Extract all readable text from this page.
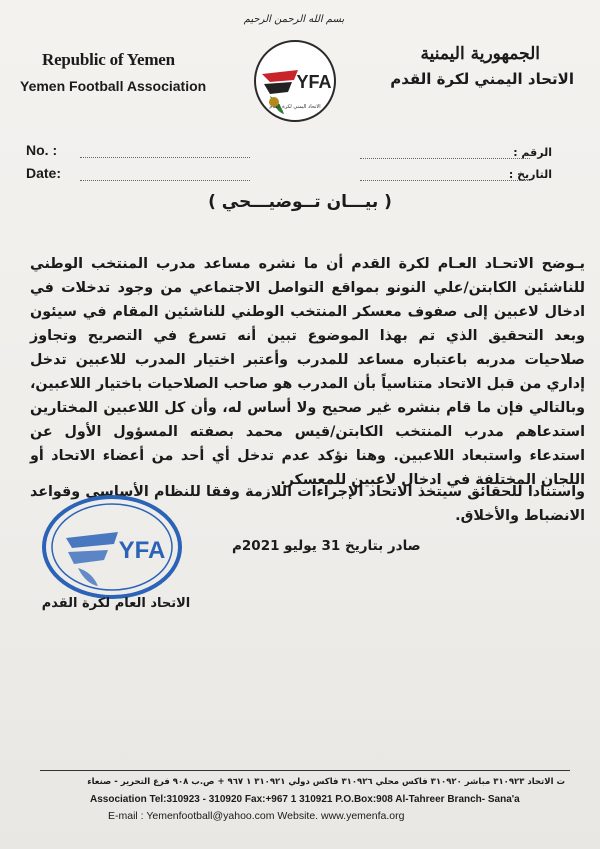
Republic of Yemen
Yemen Football Association
الجمهورية اليمنية
الاتحاد اليمني لكرة القدم
بسم الله الرحمن الرحيم
YFA
الاتحاد اليمني لكرة القدم
No. :
Date:
الرقم :
التاريخ :
( بيـــان تــوضيـــحي )

يـوضح الاتحـاد العـام لكرة القدم أن ما نشره مساعد مدرب المنتخب الوطني للناشئين الكابتن/علي النونو بمواقع التواصل الاجتماعي من وجود تدخلات في ادخال لاعبين إلى صفوف معسكر المنتخب الوطني للناشئين المقام في سيئون وبعد التحقيق الذي تم بهذا الموضوع تبين أنه تسرع في التصريح وتجاوز صلاحيات مدربه باعتباره مساعد للمدرب وأعتبر اختيار المدرب للاعبين تدخل إداري من قبل الاتحاد متناسياً بأن المدرب هو صاحب الصلاحيات باختيار اللاعبين، وبالتالي فإن ما قام بنشره غير صحيح ولا أساس له، وأن كل اللاعبين المختارين استدعاهم مدرب المنتخب الكابتن/قيس محمد بصفته المسؤول الأول عن استدعاء واستبعاد اللاعبين. وهنا نؤكد عدم تدخل أي أحد من أعضاء الاتحاد أو اللجان المختلفة في ادخال لاعبين للمعسكر.

واستنادا للحقائق سيتخذ الاتحاد الإجراءات اللازمة وفقا للنظام الأساسي وقواعد الانضباط والأخلاق.
صادر بتاريخ 31 يوليو 2021م
YFA
الاتحاد العام لكرة القدم
ت الاتحاد ٣١٠٩٢٣ مباشر ٣١٠٩٢٠ فاكس محلي ٣١٠٩٢٦ فاكس دولي ٣١٠٩٢١ ١ ٩٦٧ + ص.ب ٩٠٨ فرع التحرير - صنعاء
Association Tel:310923 - 310920 Fax:+967 1 310921 P.O.Box:908 Al-Tahreer Branch- Sana'a
E-mail : Yemenfootball@yahoo.com Website. www.yemenfa.org
